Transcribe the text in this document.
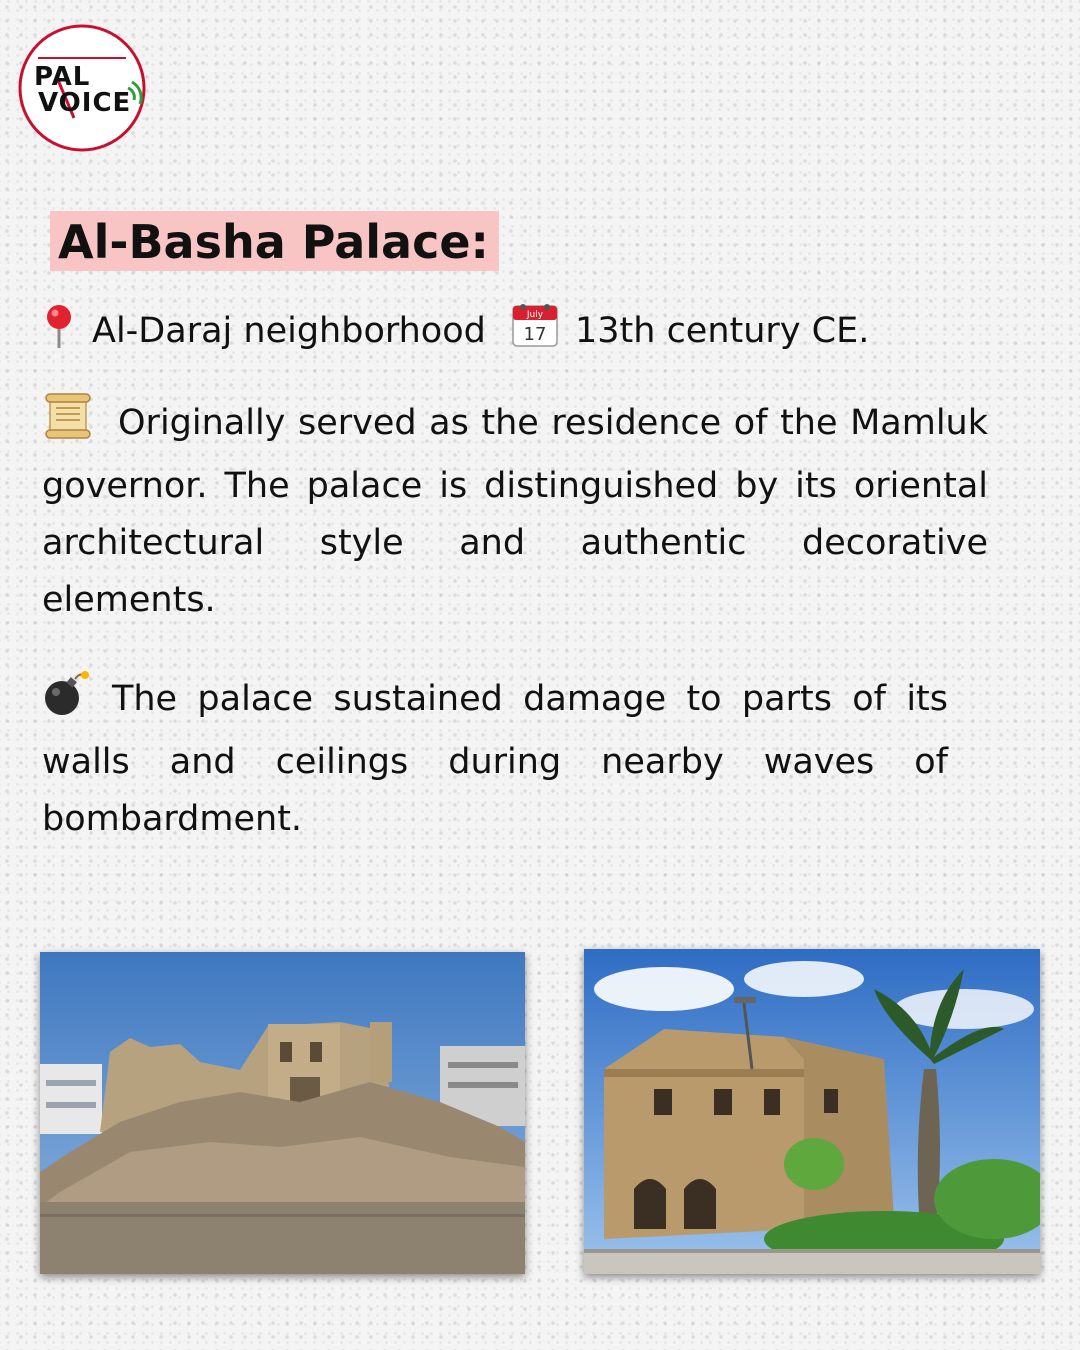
PAL
VOICE
Al-Basha Palace:
Al-Daraj neighborhood	July
17 13th century CE.

Originally served as the residence of the Mamluk governor. The palace is distinguished by its oriental architectural style and authentic decorative elements.

The palace sustained damage to parts of its walls and ceilings during nearby waves of bombardment.
